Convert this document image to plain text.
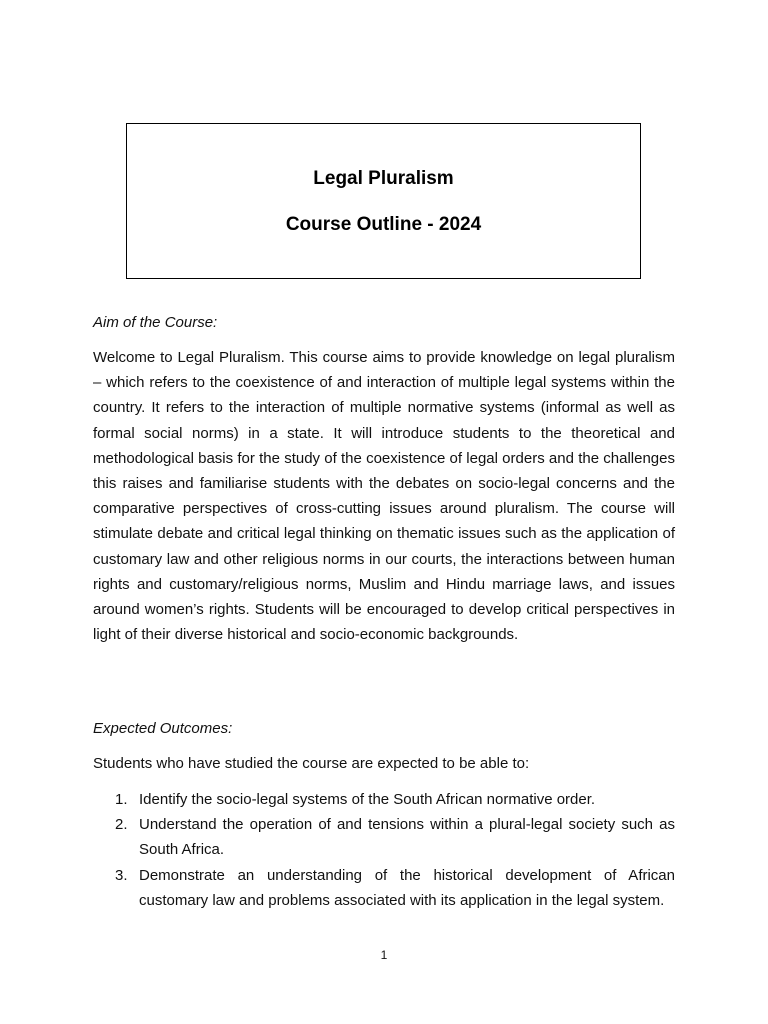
Legal Pluralism
Course Outline - 2024
Aim of the Course:
Welcome to Legal Pluralism. This course aims to provide knowledge on legal pluralism – which refers to the coexistence of and interaction of multiple legal systems within the country. It refers to the interaction of multiple normative systems (informal as well as formal social norms) in a state. It will introduce students to the theoretical and methodological basis for the study of the coexistence of legal orders and the challenges this raises and familiarise students with the debates on socio-legal concerns and the comparative perspectives of cross-cutting issues around pluralism. The course will stimulate debate and critical legal thinking on thematic issues such as the application of customary law and other religious norms in our courts, the interactions between human rights and customary/religious norms, Muslim and Hindu marriage laws, and issues around women’s rights. Students will be encouraged to develop critical perspectives in light of their diverse historical and socio-economic backgrounds.
Expected Outcomes:
Students who have studied the course are expected to be able to:
1. Identify the socio-legal systems of the South African normative order.
2. Understand the operation of and tensions within a plural-legal society such as South Africa.
3. Demonstrate an understanding of the historical development of African customary law and problems associated with its application in the legal system.
1
